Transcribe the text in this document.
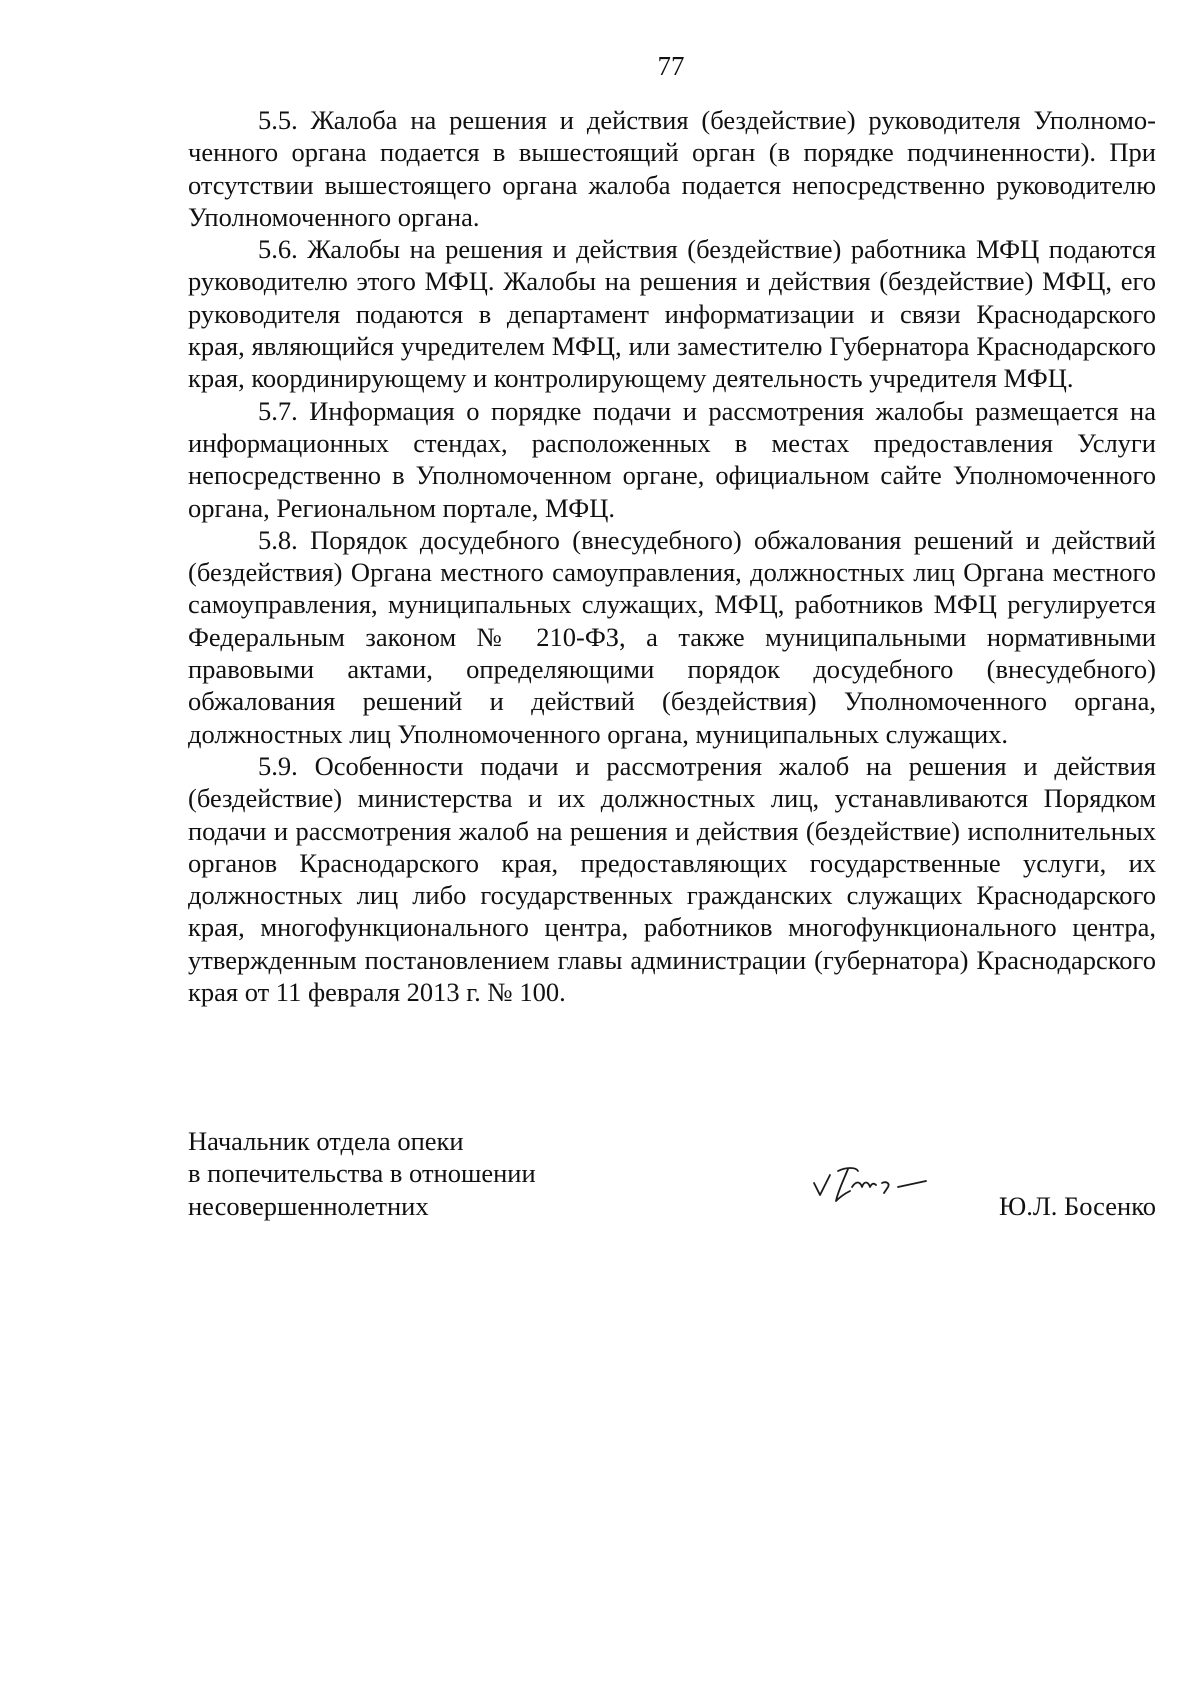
77

5.5. Жалоба на решения и действия (бездействие) руководителя Уполномоченного органа подается в вышестоящий орган (в порядке подчиненности). При отсутствии вышестоящего органа жалоба подается непосредственно руководителю Уполномоченного органа.

5.6. Жалобы на решения и действия (бездействие) работника МФЦ подаются руководителю этого МФЦ. Жалобы на решения и действия (бездействие) МФЦ, его руководителя подаются в департамент информатизации и связи Краснодарского края, являющийся учредителем МФЦ, или заместителю Губернатора Краснодарского края, координирующему и контролирующему деятельность учредителя МФЦ.

5.7. Информация о порядке подачи и рассмотрения жалобы размещается на информационных стендах, расположенных в местах предоставления Услуги непосредственно в Уполномоченном органе, официальном сайте Уполномоченного органа, Региональном портале, МФЦ.

5.8. Порядок досудебного (внесудебного) обжалования решений и действий (бездействия) Органа местного самоуправления, должностных лиц Органа местного самоуправления, муниципальных служащих, МФЦ, работников МФЦ регулируется Федеральным законом № 210-ФЗ, а также муниципальными нормативными правовыми актами, определяющими порядок досудебного (внесудебного) обжалования решений и действий (бездействия) Уполномоченного органа, должностных лиц Уполномоченного органа, муниципальных служащих.

5.9. Особенности подачи и рассмотрения жалоб на решения и действия (бездействие) министерства и их должностных лиц, устанавливаются Порядком подачи и рассмотрения жалоб на решения и действия (бездействие) исполнительных органов Краснодарского края, предоставляющих государственные услуги, их должностных лиц либо государственных гражданских служащих Краснодарского края, многофункционального центра, работников многофункционального центра, утвержденным постановлением главы администрации (губернатора) Краснодарского края от 11 февраля 2013 г. № 100.

Начальник отдела опеки
в попечительства в отношении
несовершеннолетних	Ю.Л. Босенко
